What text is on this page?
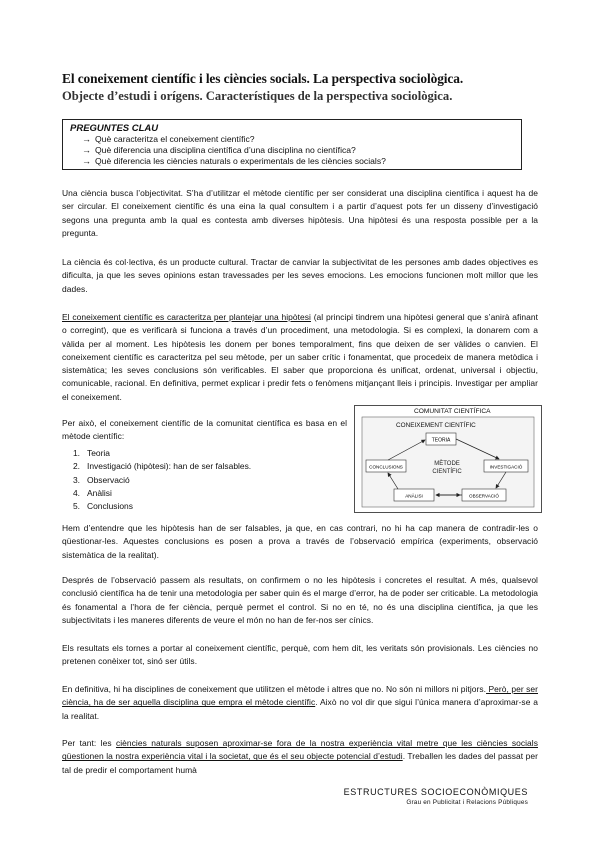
El coneixement científic i les ciències socials. La perspectiva sociològica.
Objecte d’estudi i orígens. Característiques de la perspectiva sociològica.

PREGUNTES CLAU

→ Què caracteritza el coneixement científic?
→ Què diferencia una disciplina científica d’una disciplina no científica?
→ Què diferencia les ciències naturals o experimentals de les ciències socials?

Una ciència busca l’objectivitat. S’ha d’utilitzar el mètode científic per ser considerat una disciplina científica i aquest ha de ser circular. El coneixement científic és una eina la qual consultem i a partir d’aquest pots fer un disseny d’investigació segons una pregunta amb la qual es contesta amb diverses hipòtesis. Una hipòtesi és una resposta possible per a la pregunta.

La ciència és col·lectiva, és un producte cultural. Tractar de canviar la subjectivitat de les persones amb dades objectives es dificulta, ja que les seves opinions estan travessades per les seves emocions. Les emocions funcionen molt millor que les dades.

El coneixement científic es caracteritza per plantejar una hipòtesi (al principi tindrem una hipòtesi general que s’anirà afinant o corregint), que es verificarà si funciona a través d’un procediment, una metodologia. Si es complexi, la donarem com a vàlida per al moment. Les hipòtesis les donem per bones temporalment, fins que deixen de ser vàlides o canvien. El coneixement científic es caracteritza pel seu mètode, per un saber crític i fonamentat, que procedeix de manera metòdica i sistemàtica; les seves conclusions són verificables. El saber que proporciona és unificat, ordenat, universal i objectiu, comunicable, racional. En definitiva, permet explicar i predir fets o fenòmens mitjançant lleis i principis. Investigar per ampliar el coneixement.

Per això, el coneixement científic de la comunitat científica es basa en el mètode científic:

1. Teoria
2. Investigació (hipòtesi): han de ser falsables.
3. Observació
4. Anàlisi
5. Conclusions
COMUNITAT CIENTÍFICA
CONEIXEMENT CIENTÍFIC
TEORIA
CONCLUSIONS	INVESTIGACIÓ
ANÀLISI	OBSERVACIÓ
MÈTODE
CIENTÍFIC

Hem d’entendre que les hipòtesis han de ser falsables, ja que, en cas contrari, no hi ha cap manera de contradir-les o qüestionar-les. Aquestes conclusions es posen a prova a través de l’observació empírica (experiments, observació sistemàtica de la realitat).

Després de l’observació passem als resultats, on confirmem o no les hipòtesis i concretes el resultat. A més, qualsevol conclusió científica ha de tenir una metodologia per saber quin és el marge d’error, ha de poder ser criticable. La metodologia és fonamental a l’hora de fer ciència, perquè permet el control. Si no en té, no és una disciplina científica, ja que les subjectivitats i les maneres diferents de veure el món no han de fer-nos ser cínics.

Els resultats els tornes a portar al coneixement científic, perquè, com hem dit, les veritats són provisionals. Les ciències no pretenen conèixer tot, sinó ser útils.

En definitiva, hi ha disciplines de coneixement que utilitzen el mètode i altres que no. No són ni millors ni pitjors. Però, per ser ciència, ha de ser aquella disciplina que empra el mètode científic. Això no vol dir que sigui l’única manera d’aproximar-se a la realitat.

Per tant: les ciències naturals suposen aproximar-se fora de la nostra experiència vital metre que les ciències socials qüestionen la nostra experiència vital i la societat, que és el seu objecte potencial d’estudi. Treballen les dades del passat per tal de predir el comportament humà

ESTRUCTURES SOCIOECONÒMIQUES
Grau en Publicitat i Relacions Públiques
